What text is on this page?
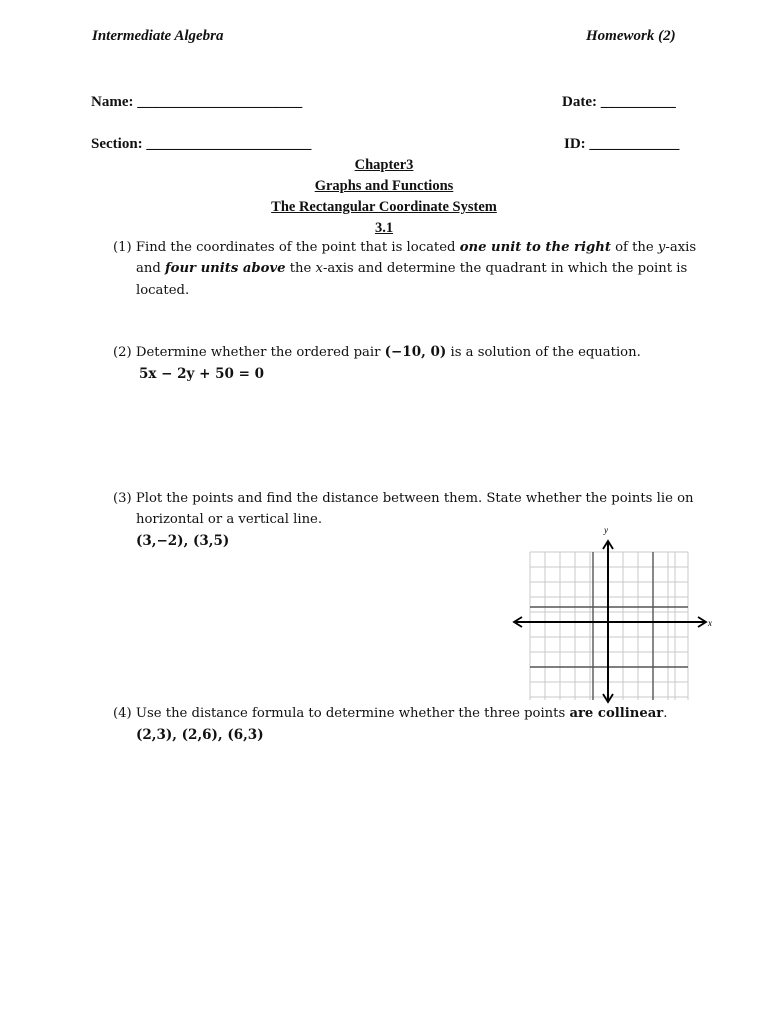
Intermediate Algebra	Homework (2)
Name: ______________________	Date: __________
Section: ______________________	ID: ____________
Chapter3
Graphs and Functions
The Rectangular Coordinate System
3.1
(1) Find the coordinates of the point that is located one unit to the right of the y-axis
and four units above the x-axis and determine the quadrant in which the point is
located.
(2) Determine whether the ordered pair (−10, 0) is a solution of the equation.
5x − 2y + 50 = 0
(3) Plot the points and find the distance between them. State whether the points lie on
horizontal or a vertical line.
(3,−2), (3,5)
y
x
(4) Use the distance formula to determine whether the three points are collinear.
(2,3), (2,6), (6,3)
